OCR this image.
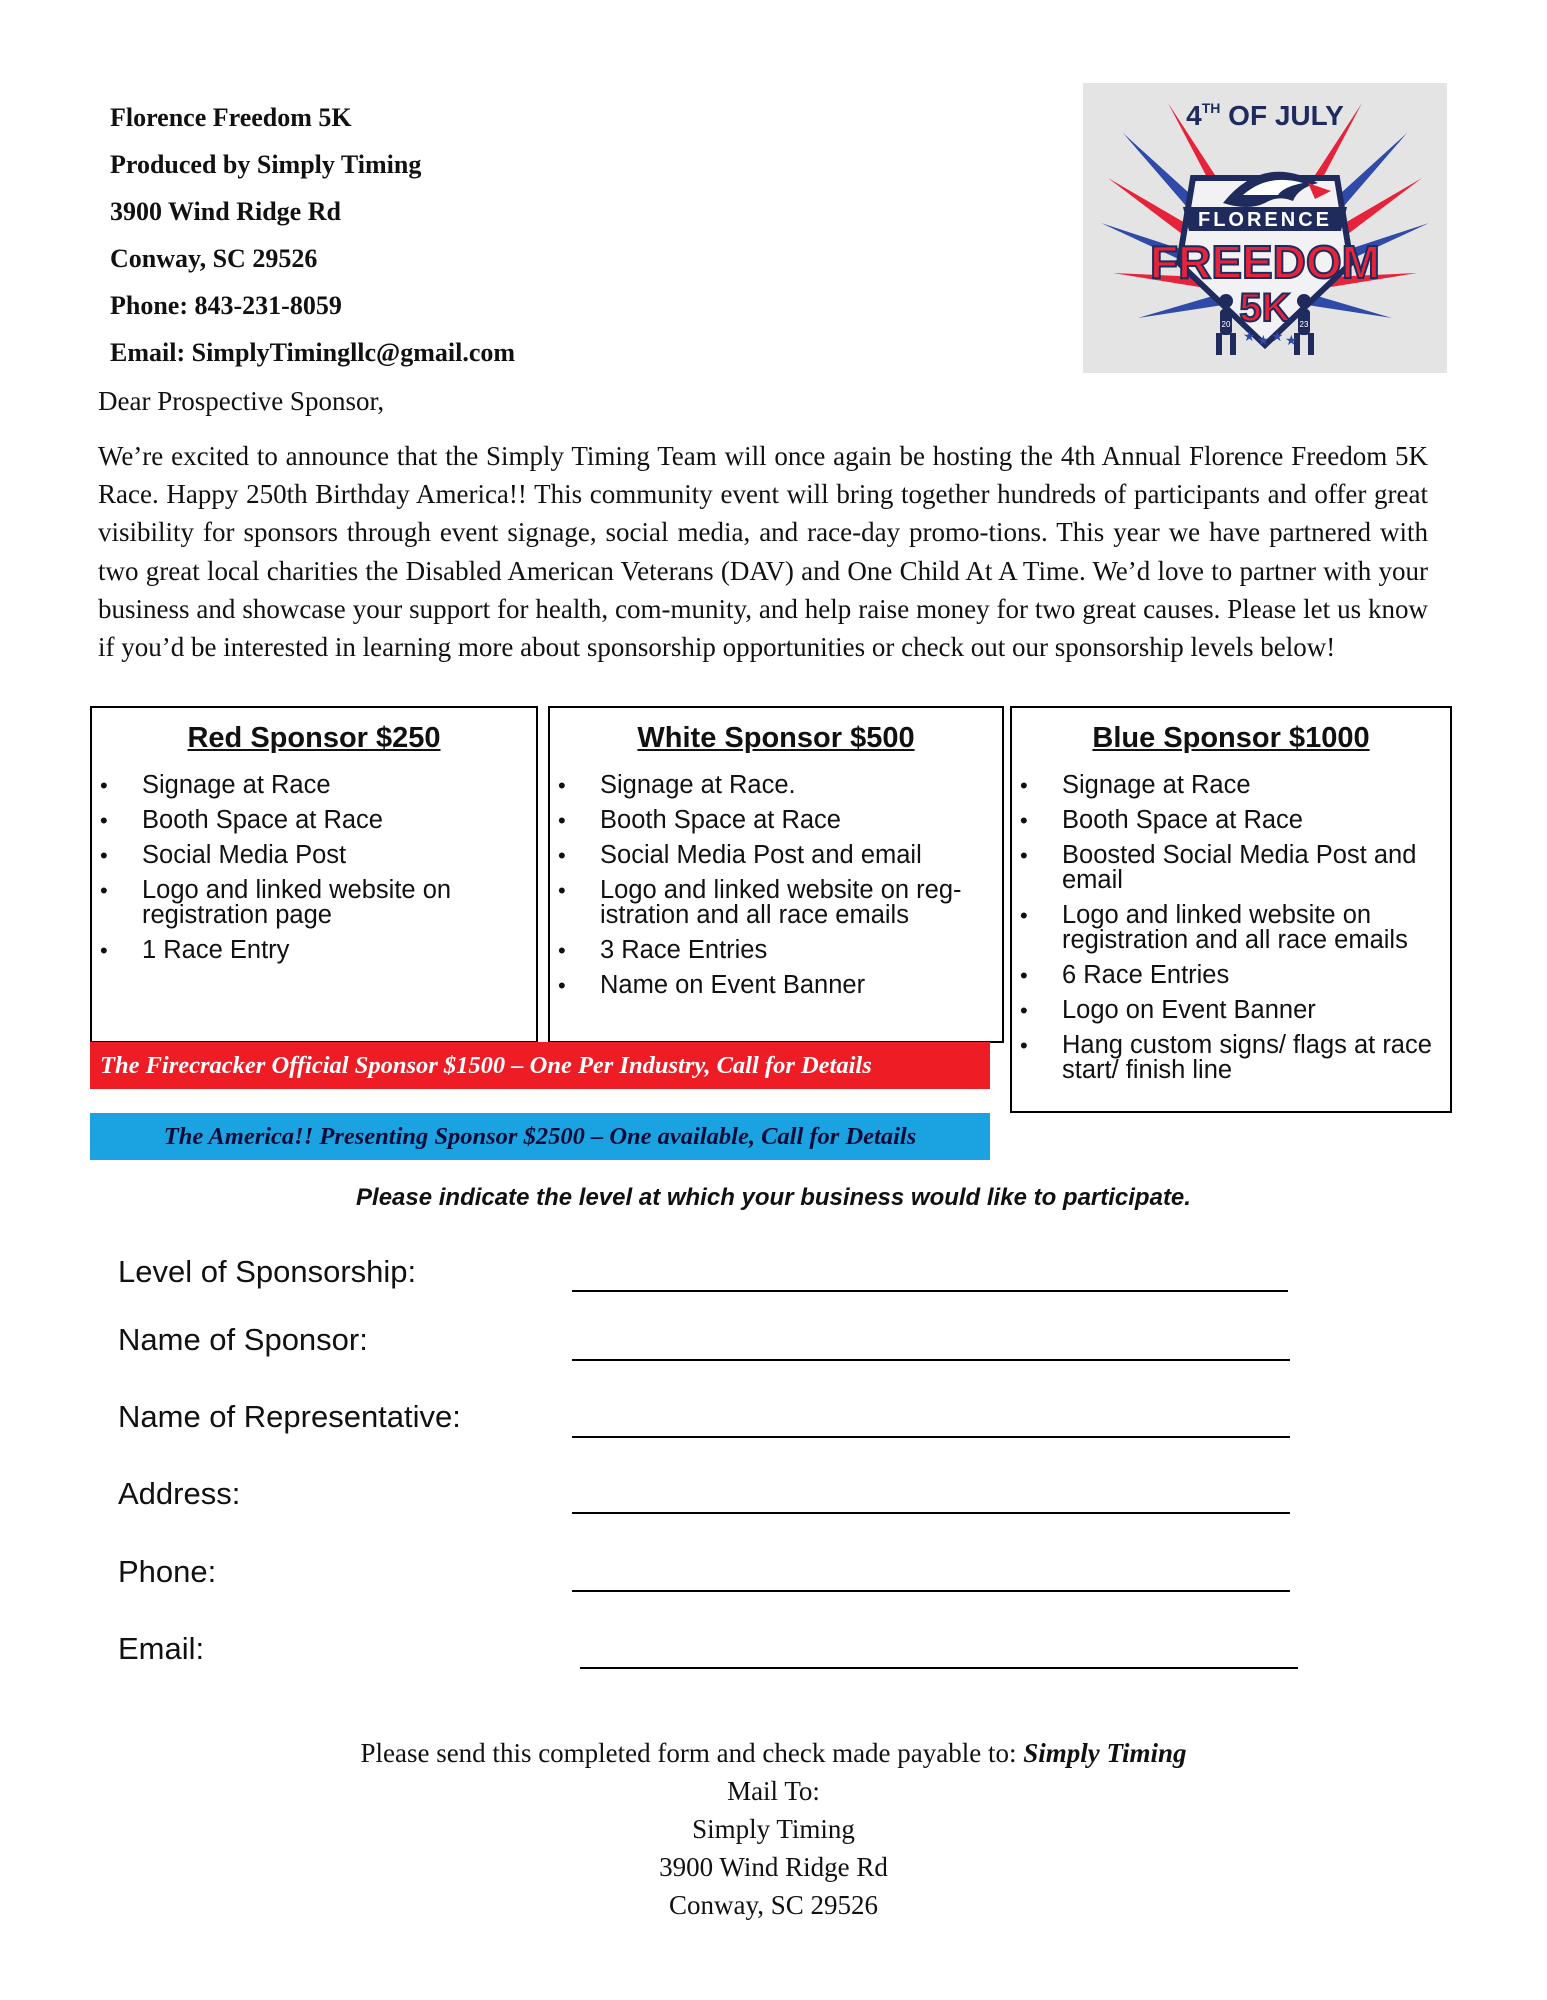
Florence Freedom 5K
Produced by Simply Timing
3900 Wind Ridge Rd
Conway, SC 29526
Phone: 843-231-8059
Email: SimplyTimingllc@gmail.com
4TH OF JULY
FLORENCE
FREEDOM
5K
20	23
★ ★ ★ ★
Dear Prospective Sponsor,
We’re excited to announce that the Simply Timing Team will once again be hosting the 4th Annual Florence Freedom 5K Race. Happy 250th Birthday America!! This community event will bring together hundreds of participants and offer great visibility for sponsors through event signage, social media, and race-day promo-tions. This year we have partnered with two great local charities the Disabled American Veterans (DAV) and One Child At A Time. We’d love to partner with your business and showcase your support for health, com-munity, and help raise money for two great causes. Please let us know if you’d be interested in learning more about sponsorship opportunities or check out our sponsorship levels below!
Red Sponsor $250
• Signage at Race
• Booth Space at Race
• Social Media Post
• Logo and linked website on registration page
• 1 Race Entry
White Sponsor $500
• Signage at Race.
• Booth Space at Race
• Social Media Post and email
• Logo and linked website on reg-istration and all race emails
• 3 Race Entries
• Name on Event Banner
Blue Sponsor $1000
• Signage at Race
• Booth Space at Race
• Boosted Social Media Post and email
• Logo and linked website on registration and all race emails
• 6 Race Entries
• Logo on Event Banner
• Hang custom signs/ flags at race start/ finish line
The Firecracker Official Sponsor $1500 – One Per Industry, Call for Details
The America!! Presenting Sponsor $2500 – One available, Call for Details
Please indicate the level at which your business would like to participate.
Level of Sponsorship:
Name of Sponsor:
Name of Representative:
Address:
Phone:
Email:
Please send this completed form and check made payable to: Simply Timing
Mail To:
Simply Timing
3900 Wind Ridge Rd
Conway, SC 29526
